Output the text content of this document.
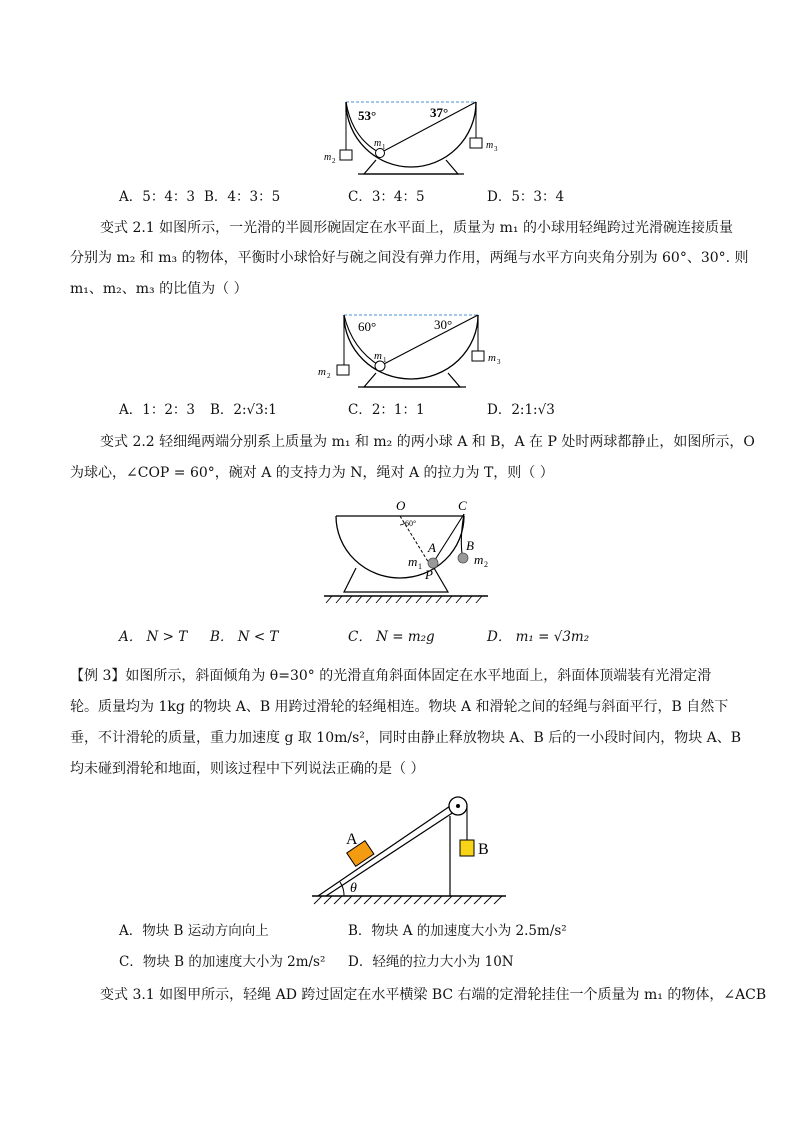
53°	37°
m 1
m 2
m 3
A．5：4：3 B．4：3：5	C．3：4：5	D．5：3：4
变式 2.1 如图所示，一光滑的半圆形碗固定在水平面上，质量为 m₁ 的小球用轻绳跨过光滑碗连接质量
分别为 m₂ 和 m₃ 的物体，平衡时小球恰好与碗之间没有弹力作用，两绳与水平方向夹角分别为 60°、30°. 则
m₁、m₂、m₃ 的比值为（ ）
60°	30°
m 1
m 2
m 3
A．1：2：3 B．2:√3:1	C．2：1：1	D．2:1:√3
变式 2.2 轻细绳两端分别系上质量为 m₁ 和 m₂ 的两小球 A 和 B，A 在 P 处时两球都静止，如图所示，O
为球心，∠COP = 60°，碗对 A 的支持力为 N，绳对 A 的拉力为 T，则（ ）
O	C
60°
A B
P
m 1	m 2
A． N > T B． N < T	C． N = m₂g	D． m₁ = √3m₂
【例 3】如图所示，斜面倾角为 θ=30° 的光滑直角斜面体固定在水平地面上，斜面体顶端装有光滑定滑
轮。质量均为 1kg 的物块 A、B 用跨过滑轮的轻绳相连。物块 A 和滑轮之间的轻绳与斜面平行，B 自然下
垂，不计滑轮的质量，重力加速度 g 取 10m/s²，同时由静止释放物块 A、B 后的一小段时间内，物块 A、B
均未碰到滑轮和地面，则该过程中下列说法正确的是（ ）
A
B
θ
A．物块 B 运动方向向上	B．物块 A 的加速度大小为 2.5m/s²
C．物块 B 的加速度大小为 2m/s² D．轻绳的拉力大小为 10N
变式 3.1 如图甲所示，轻绳 AD 跨过固定在水平横梁 BC 右端的定滑轮挂住一个质量为 m₁ 的物体，∠ACB
